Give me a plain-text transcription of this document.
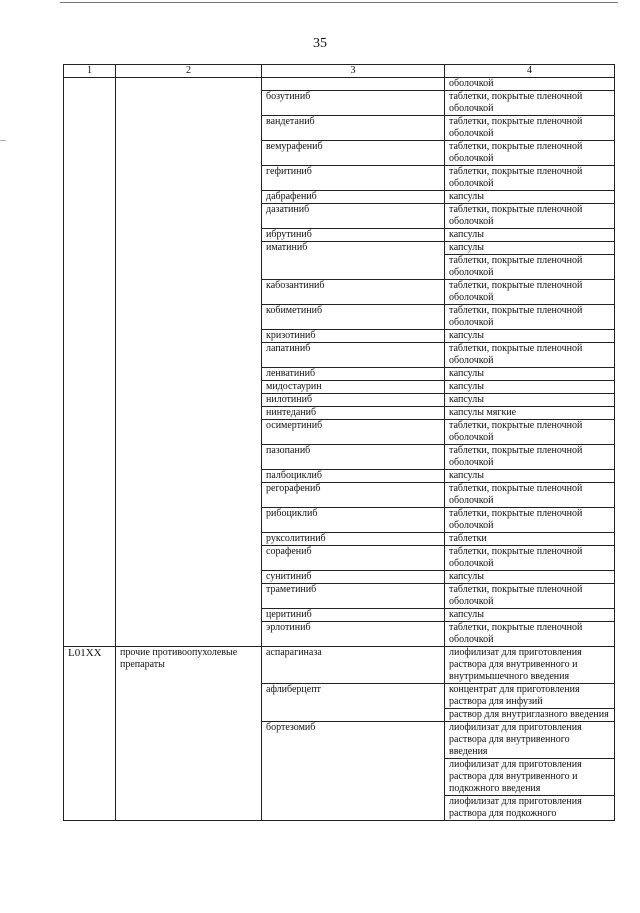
35
1	2	3	4
			оболочкой
		бозутиниб	таблетки, покрытые пленочной оболочкой
		вандетаниб	таблетки, покрытые пленочной оболочкой
		вемурафениб	таблетки, покрытые пленочной оболочкой
		гефитиниб	таблетки, покрытые пленочной оболочкой
		дабрафениб	капсулы
		дазатиниб	таблетки, покрытые пленочной оболочкой
		ибрутиниб	капсулы
		иматиниб	капсулы
			таблетки, покрытые пленочной оболочкой
		кабозантиниб	таблетки, покрытые пленочной оболочкой
		кобиметиниб	таблетки, покрытые пленочной оболочкой
		кризотиниб	капсулы
		лапатиниб	таблетки, покрытые пленочной оболочкой
		ленватиниб	капсулы
		мидостаурин	капсулы
		нилотиниб	капсулы
		нинтеданиб	капсулы мягкие
		осимертиниб	таблетки, покрытые пленочной оболочкой
		пазопаниб	таблетки, покрытые пленочной оболочкой
		палбоциклиб	капсулы
		регорафениб	таблетки, покрытые пленочной оболочкой
		рибоциклиб	таблетки, покрытые пленочной оболочкой
		руксолитиниб	таблетки
		сорафениб	таблетки, покрытые пленочной оболочкой
		сунитиниб	капсулы
		траметиниб	таблетки, покрытые пленочной оболочкой
		церитиниб	капсулы
		эрлотиниб	таблетки, покрытые пленочной оболочкой
L01XX	прочие противоопухолевые препараты	аспарагиназа	лиофилизат для приготовления раствора для внутривенного и внутримышечного введения
		афлиберцепт	концентрат для приготовления раствора для инфузий
			раствор для внутриглазного введения
		бортезомиб	лиофилизат для приготовления раствора для внутривенного введения
			лиофилизат для приготовления раствора для внутривенного и подкожного введения
			лиофилизат для приготовления раствора для подкожного
